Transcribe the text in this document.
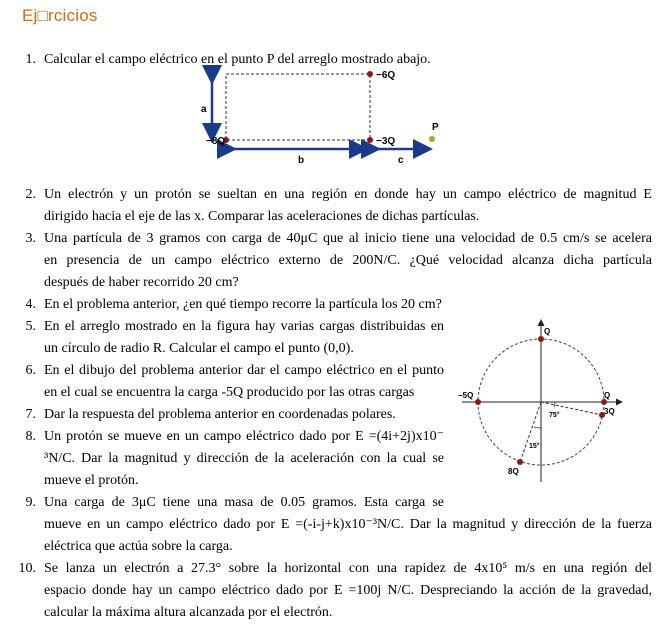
Ej□rcicios
1. Calcular el campo eléctrico en el punto P del arreglo mostrado abajo.
−6Q
−8Q	−3Q
P
a
b	c
2. Un electrón y un protón se sueltan en una región en donde hay un campo eléctrico de magnitud E
dirigido hacia el eje de las x. Comparar las aceleraciones de dichas partículas.
3. Una partícula de 3 gramos con carga de 40μC que al inicio tiene una velocidad de 0.5 cm/s se acelera
en presencia de un campo eléctrico externo de 200N/C. ¿Qué velocidad alcanza dicha partícula
después de haber recorrido 20 cm?
4. En el problema anterior, ¿en qué tiempo recorre la partícula los 20 cm?
5. En el arreglo mostrado en la figura hay varias cargas distribuidas en
un círculo de radio R. Calcular el campo el punto (0,0).
6. En el dibujo del problema anterior dar el campo eléctrico en el punto
en el cual se encuentra la carga -5Q producido por las otras cargas
7. Dar la respuesta del problema anterior en coordenadas polares.
8. Un protón se mueve en un campo eléctrico dado por E =(4i+2j)x10⁻
³N/C. Dar la magnitud y dirección de la aceleración con la cual se
mueve el protón.
9. Una carga de 3μC tiene una masa de 0.05 gramos. Esta carga se
mueve en un campo eléctrico dado por E =(-i-j+k)x10⁻³N/C. Dar la magnitud y dirección de la fuerza
eléctrica que actúa sobre la carga.
10. Se lanza un electrón a 27.3° sobre la horizontal con una rapidez de 4x10⁵ m/s en una región del
espacio donde hay un campo eléctrico dado por E =100j N/C. Despreciando la acción de la gravedad,
calcular la máxima altura alcanzada por el electrón.
Q
−5Q	Q
3Q
8Q
75°
15°
